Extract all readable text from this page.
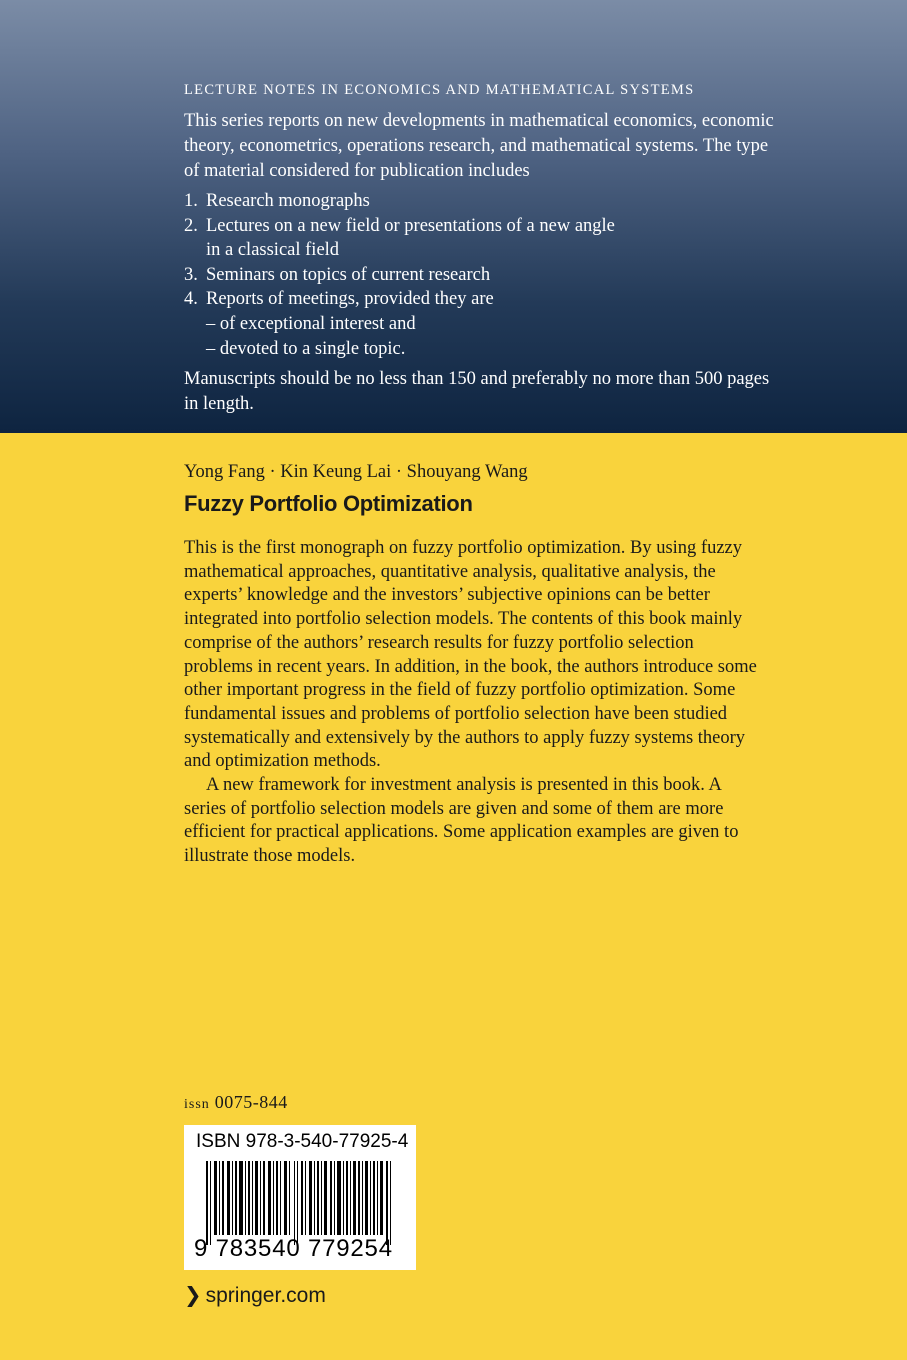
LECTURE NOTES IN ECONOMICS AND MATHEMATICAL SYSTEMS
This series reports on new developments in mathematical economics, economic theory, econometrics, operations research, and mathematical systems. The type of material considered for publication includes
1. Research monographs
2. Lectures on a new field or presentations of a new angle
in a classical field
3. Seminars on topics of current research
4. Reports of meetings, provided they are
– of exceptional interest and
– devoted to a single topic.
Manuscripts should be no less than 150 and preferably no more than 500 pages in length.
Yong Fang · Kin Keung Lai · Shouyang Wang
Fuzzy Portfolio Optimization

This is the first monograph on fuzzy portfolio optimization. By using fuzzy mathematical approaches, quantitative analysis, qualitative analysis, the experts’ knowledge and the investors’ subjective opinions can be better integrated into portfolio selection models. The contents of this book mainly comprise of the authors’ research results for fuzzy portfolio selection problems in recent years. In addition, in the book, the authors introduce some other important progress in the field of fuzzy portfolio optimization. Some fundamental issues and problems of portfolio selection have been studied systematically and extensively by the authors to apply fuzzy systems theory and optimization methods.

A new framework for investment analysis is presented in this book. A series of portfolio selection models are given and some of them are more efficient for practical applications. Some application examples are given to illustrate those models.

issn 0075-844
ISBN 978-3-540-77925-4
9 783540 779254
❯ springer.com
